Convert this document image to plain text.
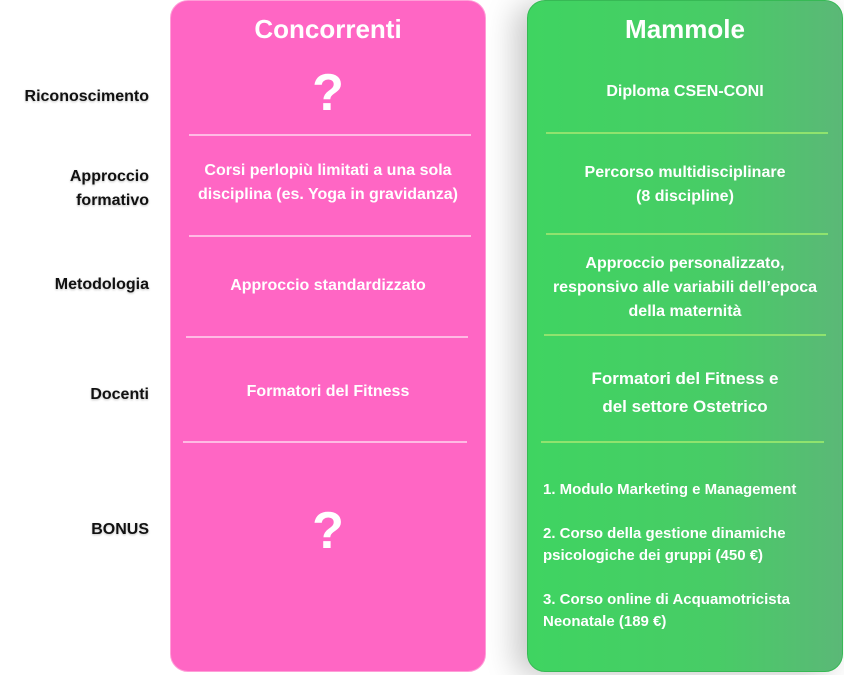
Riconoscimento
Approccio
formativo
Metodologia
Docenti
BONUS
Concorrenti
?
Corsi perlopiù limitati a una sola
disciplina (es. Yoga in gravidanza)
Approccio standardizzato
Formatori del Fitness
?
Mammole
Diploma CSEN-CONI
Percorso multidisciplinare
(8 discipline)
Approccio personalizzato,
responsivo alle variabili dell’epoca
della maternità
Formatori del Fitness e
del settore Ostetrico
1. Modulo Marketing e Management
2. Corso della gestione dinamiche
psicologiche dei gruppi (450 €)
3. Corso online di Acquamotricista
Neonatale (189 €)
